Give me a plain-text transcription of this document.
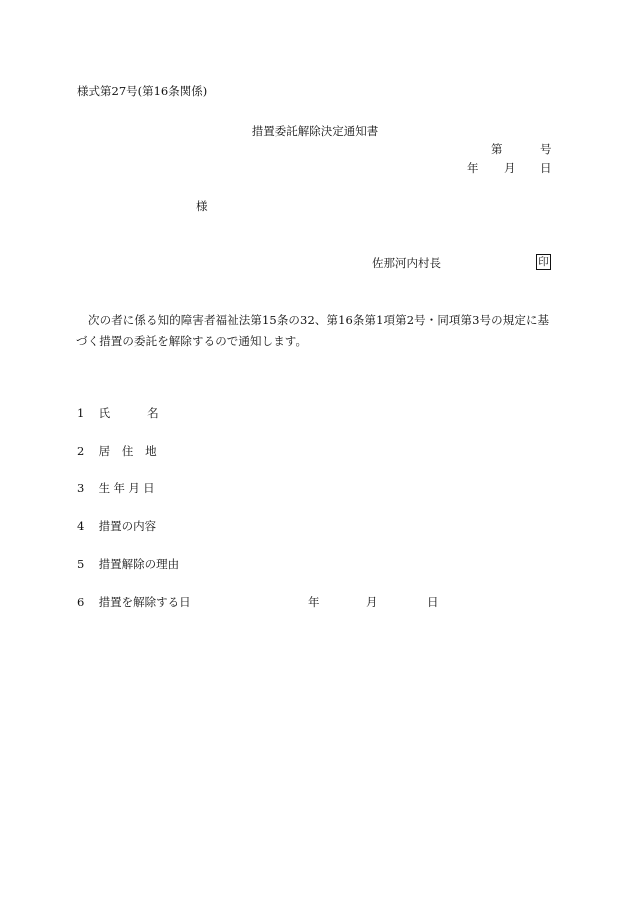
様式第27号(第16条関係)
措置委託解除決定通知書
第	号
年 月 日
様
佐那河内村長	印
次の者に係る知的障害者福祉法第15条の32、第16条第1項第2号・同項第3号の規定に基づく措置の委託を解除するので通知します。
1 氏	名
2 居 住 地
3 生 年 月 日
4 措置の内容
5 措置解除の理由
6 措置を解除する日	年	月	日
